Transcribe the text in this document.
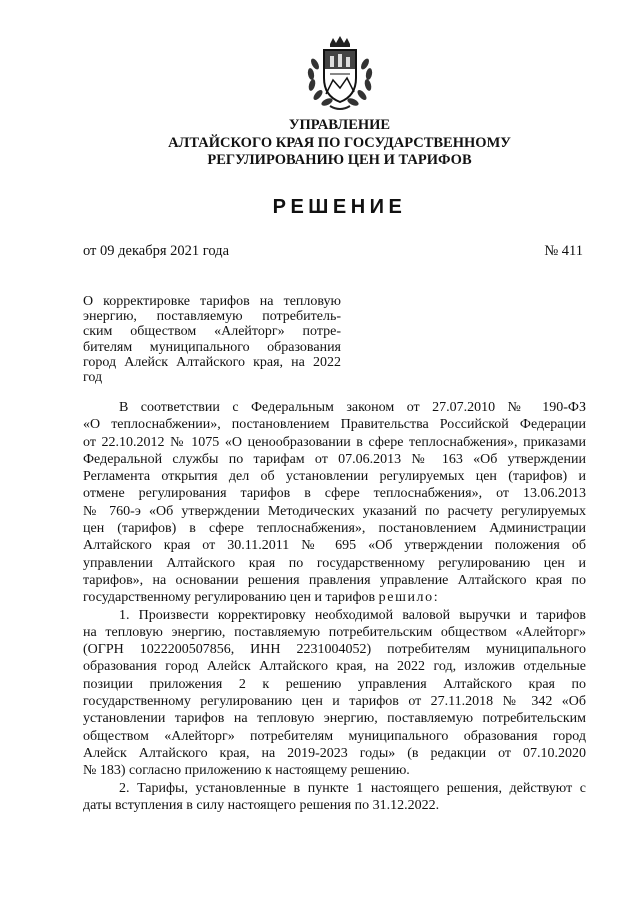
УПРАВЛЕНИЕ
АЛТАЙСКОГО КРАЯ ПО ГОСУДАРСТВЕННОМУ
РЕГУЛИРОВАНИЮ ЦЕН И ТАРИФОВ
РЕШЕНИЕ
от 09 декабря 2021 года	№ 411
О корректировке тарифов на тепловую
энергию, поставляемую потребитель-
ским обществом «Алейторг» потре-
бителям муниципального образования
город Алейск Алтайского края, на 2022
год
В соответствии с Федеральным законом от 27.07.2010 № 190-ФЗ
«О теплоснабжении», постановлением Правительства Российской Федерации
от 22.10.2012 № 1075 «О ценообразовании в сфере теплоснабжения», приказами
Федеральной службы по тарифам от 07.06.2013 № 163 «Об утверждении
Регламента открытия дел об установлении регулируемых цен (тарифов) и
отмене регулирования тарифов в сфере теплоснабжения», от 13.06.2013
№ 760-э «Об утверждении Методических указаний по расчету регулируемых
цен (тарифов) в сфере теплоснабжения», постановлением Администрации
Алтайского края от 30.11.2011 № 695 «Об утверждении положения об
управлении Алтайского края по государственному регулированию цен и
тарифов», на основании решения правления управление Алтайского края по
государственному регулированию цен и тарифов решило:
1. Произвести корректировку необходимой валовой выручки и тарифов
на тепловую энергию, поставляемую потребительским обществом «Алейторг»
(ОГРН 1022200507856, ИНН 2231004052) потребителям муниципального
образования город Алейск Алтайского края, на 2022 год, изложив отдельные
позиции приложения 2 к решению управления Алтайского края по
государственному регулированию цен и тарифов от 27.11.2018 № 342 «Об
установлении тарифов на тепловую энергию, поставляемую потребительским
обществом «Алейторг» потребителям муниципального образования город
Алейск Алтайского края, на 2019-2023 годы» (в редакции от 07.10.2020
№ 183) согласно приложению к настоящему решению.
2. Тарифы, установленные в пункте 1 настоящего решения, действуют с
даты вступления в силу настоящего решения по 31.12.2022.
